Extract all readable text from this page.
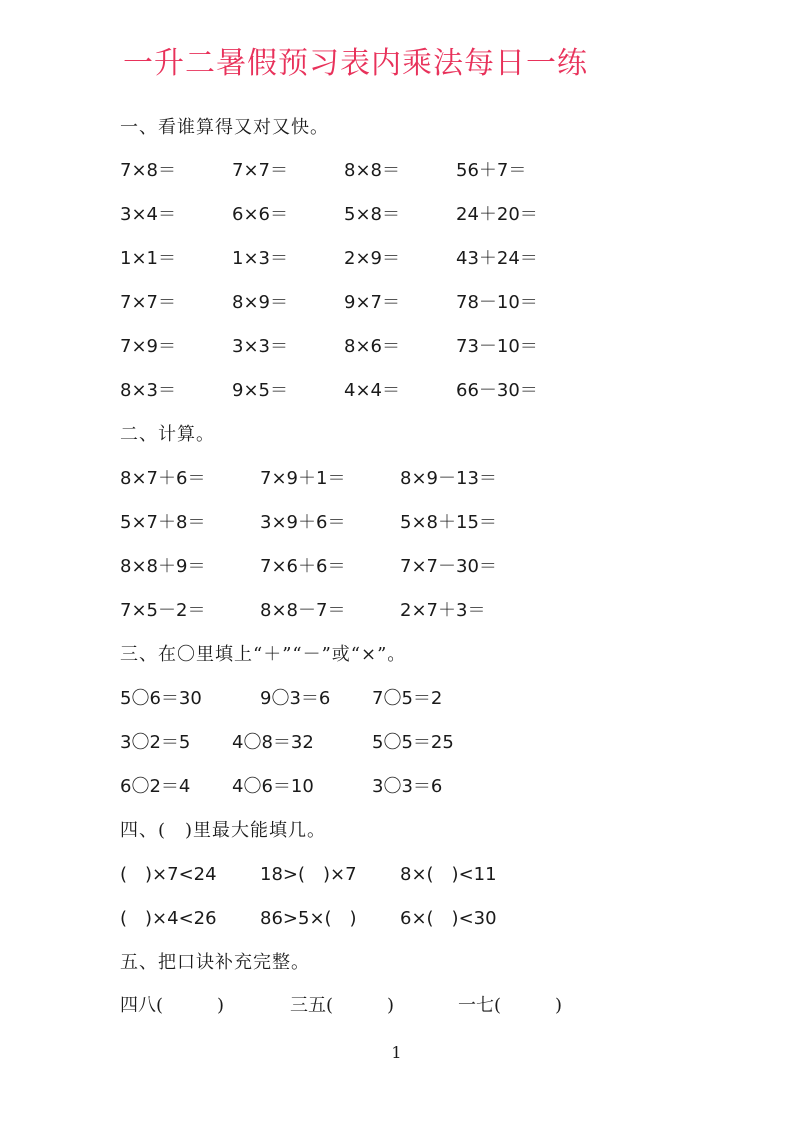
一升二暑假预习表内乘法每日一练
一、看谁算得又对又快。
7×8＝	7×7＝	8×8＝	56＋7＝
3×4＝	6×6＝	5×8＝	24＋20＝
1×1＝	1×3＝	2×9＝	43＋24＝
7×7＝	8×9＝	9×7＝	78－10＝
7×9＝	3×3＝	8×6＝	73－10＝
8×3＝	9×5＝	4×4＝	66－30＝
二、计算。
8×7＋6＝	7×9＋1＝	8×9－13＝
5×7＋8＝	3×9＋6＝	5×8＋15＝
8×8＋9＝	7×6＋6＝	7×7－30＝
7×5－2＝	8×8－7＝	2×7＋3＝
三、在〇里填上“＋”“－”或“×”。
5〇6＝30	9〇3＝6 7〇5＝2
3〇2＝5 4〇8＝32	5〇5＝25
6〇2＝4 4〇6＝10	3〇3＝6
四、(　)里最大能填几。
(　)×7<24 18>(　)×7 8×(　)<11
(　)×4<26 86>5×(　) 6×(　)<30
五、把口诀补充完整。
四八(　　　)	三五(　　　)	一七(　　　)
1
